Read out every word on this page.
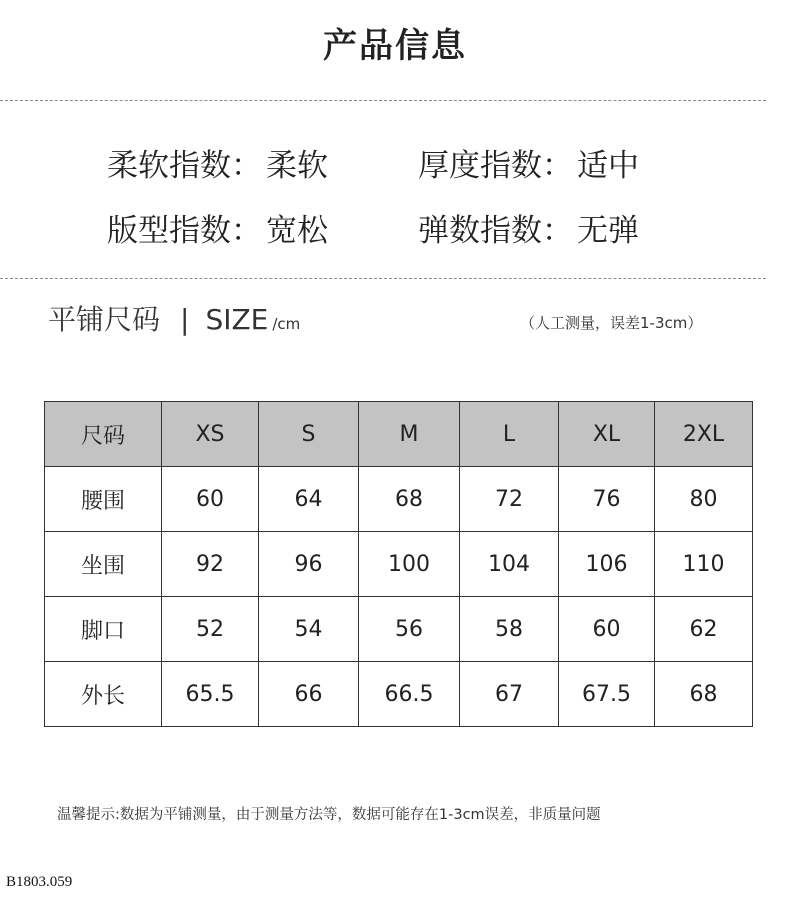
产品信息
柔软指数： 柔软	厚度指数： 适中
版型指数： 宽松	弹数指数： 无弹
平铺尺码 | SIZE /cm	（人工测量，误差1-3cm）
尺码	XS	S	M	L	XL	2XL
腰围	60	64	68	72	76	80
坐围	92	96	100	104	106	110
脚口	52	54	56	58	60	62
外长	65.5	66	66.5	67	67.5	68
温馨提示:数据为平铺测量，由于测量方法等，数据可能存在1-3cm误差，非质量问题
B1803.059
